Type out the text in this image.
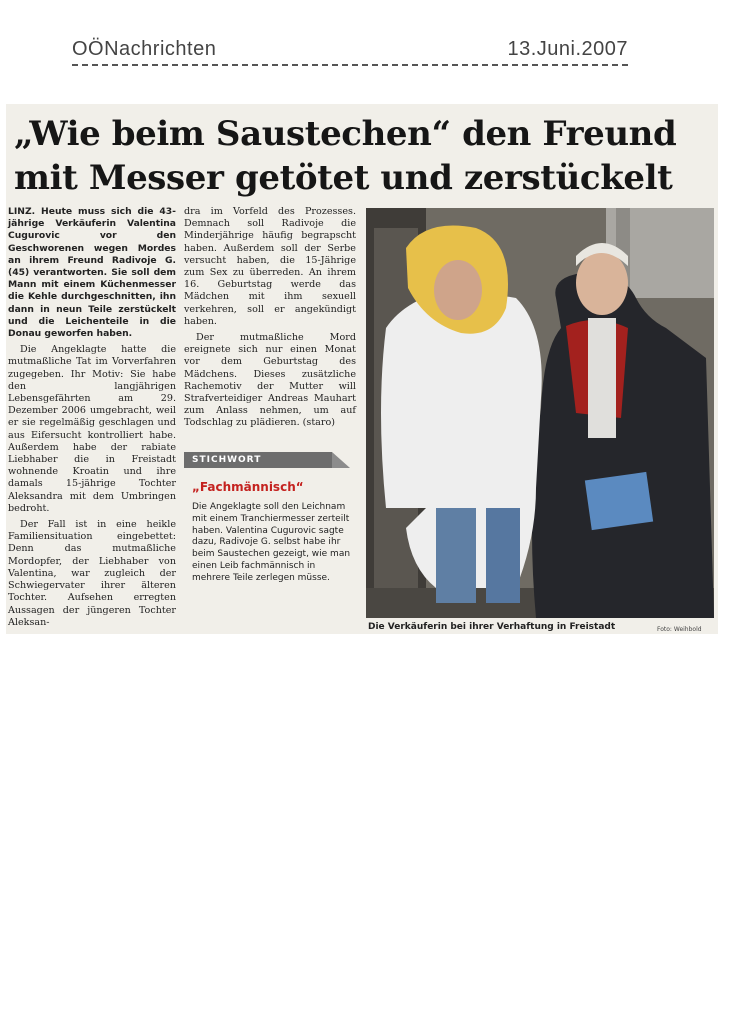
OÖNachrichten	13.Juni.2007
„Wie beim Saustechen“ den Freund
mit Messer getötet und zerstückelt

LINZ. Heute muss sich die 43-jährige Verkäuferin Valentina Cugurovic vor den Geschworenen wegen Mordes an ihrem Freund Radivoje G. (45) verantworten. Sie soll dem Mann mit einem Küchenmesser die Kehle durchgeschnitten, ihn dann in neun Teile zerstückelt und die Leichenteile in die Donau geworfen haben.

Die Angeklagte hatte die mutmaßliche Tat im Vorverfahren zugegeben. Ihr Motiv: Sie habe den langjährigen Lebensgefährten am 29. Dezember 2006 umgebracht, weil er sie regelmäßig geschlagen und aus Eifersucht kontrolliert habe. Außerdem habe der rabiate Liebhaber die in Freistadt wohnende Kroatin und ihre damals 15-jährige Tochter Aleksandra mit dem Umbringen bedroht.

Der Fall ist in eine heikle Familiensituation eingebettet: Denn das mutmaßliche Mordopfer, der Liebhaber von Valentina, war zugleich der Schwiegervater ihrer älteren Tochter. Aufsehen erregten Aussagen der jüngeren Tochter Aleksan-

dra im Vorfeld des Prozesses. Demnach soll Radivoje die Minderjährige häufig begrapscht haben. Außerdem soll der Serbe versucht haben, die 15-Jährige zum Sex zu überreden. An ihrem 16. Geburtstag werde das Mädchen mit ihm sexuell verkehren, soll er angekündigt haben.

Der mutmaßliche Mord ereignete sich nur einen Monat vor dem Geburtstag des Mädchens. Dieses zusätzliche Rachemotiv der Mutter will Strafverteidiger Andreas Mauhart zum Anlass nehmen, um auf Todschlag zu plädieren. (staro)

STICHWORT
„Fachmännisch“
Die Angeklagte soll den Leichnam mit einem Tranchiermesser zerteilt haben. Valentina Cugurovic sagte dazu, Radivoje G. selbst habe ihr beim Saustechen gezeigt, wie man einen Leib fachmännisch in mehrere Teile zerlegen müsse.
Die Verkäuferin bei ihrer Verhaftung in Freistadt	Foto: Weihbold
